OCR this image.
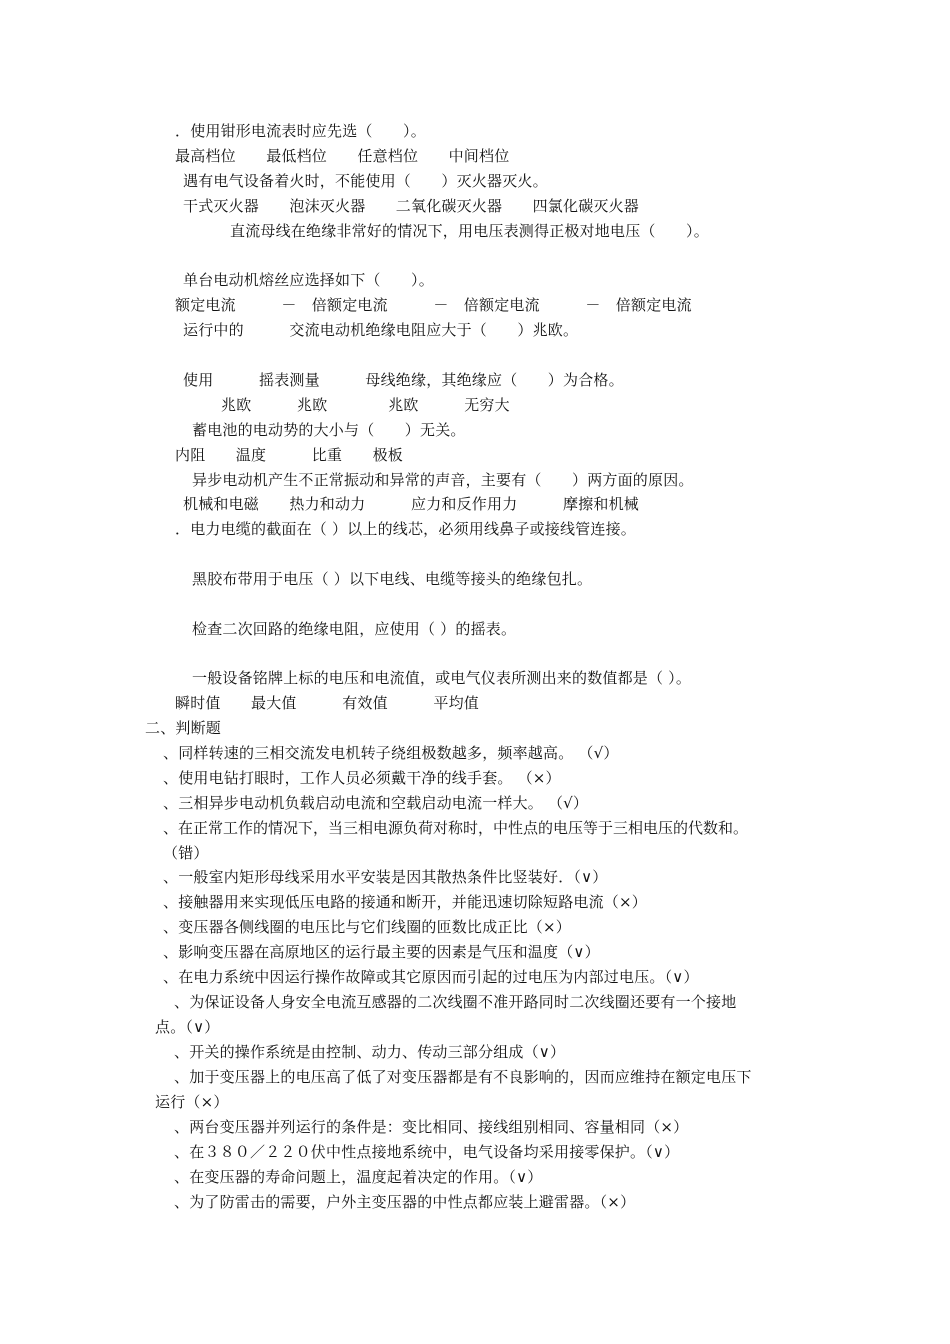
．使用钳形电流表时应先选（　　）。
最高档位　　最低档位　　任意档位　　中间档位
遇有电气设备着火时，不能使用（　　）灭火器灭火。
干式灭火器　　泡沫灭火器　　二氧化碳灭火器　　四氯化碳灭火器
直流母线在绝缘非常好的情况下，用电压表测得正极对地电压（　　）。
单台电动机熔丝应选择如下（　　）。
额定电流　　　－　倍额定电流　　　－　倍额定电流　　　－　倍额定电流
运行中的　　　交流电动机绝缘电阻应大于（　　）兆欧。
使用　　　摇表测量　　　母线绝缘，其绝缘应（　　）为合格。
兆欧　　　兆欧　　　　兆欧　　　无穷大
蓄电池的电动势的大小与（　　）无关。
内阻　　温度　　　比重　　极板
异步电动机产生不正常振动和异常的声音，主要有（　　）两方面的原因。
机械和电磁　　热力和动力　　　应力和反作用力　　　摩擦和机械
．电力电缆的截面在（ ）以上的线芯，必须用线鼻子或接线管连接。
黑胶布带用于电压（ ）以下电线、电缆等接头的绝缘包扎。
检查二次回路的绝缘电阻，应使用（ ）的摇表。
一般设备铭牌上标的电压和电流值，或电气仪表所测出来的数值都是（ ）。
瞬时值　　最大值　　　有效值　　　平均值
二、判断题
、同样转速的三相交流发电机转子绕组极数越多，频率越高。 （√）
、使用电钻打眼时，工作人员必须戴干净的线手套。 （×）
、三相异步电动机负载启动电流和空载启动电流一样大。 （√）
、在正常工作的情况下，当三相电源负荷对称时，中性点的电压等于三相电压的代数和。
（错）
、一般室内矩形母线采用水平安装是因其散热条件比竖装好．（∨）
、接触器用来实现低压电路的接通和断开，并能迅速切除短路电流（×）
、变压器各侧线圈的电压比与它们线圈的匝数比成正比（×）
、影响变压器在高原地区的运行最主要的因素是气压和温度（∨）
、在电力系统中因运行操作故障或其它原因而引起的过电压为内部过电压。（∨）
、为保证设备人身安全电流互感器的二次线圈不准开路同时二次线圈还要有一个接地
点。（∨）
、开关的操作系统是由控制、动力、传动三部分组成（∨）
、加于变压器上的电压高了低了对变压器都是有不良影响的，因而应维持在额定电压下
运行（×）
、两台变压器并列运行的条件是：变比相同、接线组别相同、容量相同（×）
、在３８０／２２０伏中性点接地系统中，电气设备均采用接零保护。（∨）
、在变压器的寿命问题上，温度起着决定的作用。（∨）
、为了防雷击的需要，户外主变压器的中性点都应装上避雷器。（×）
